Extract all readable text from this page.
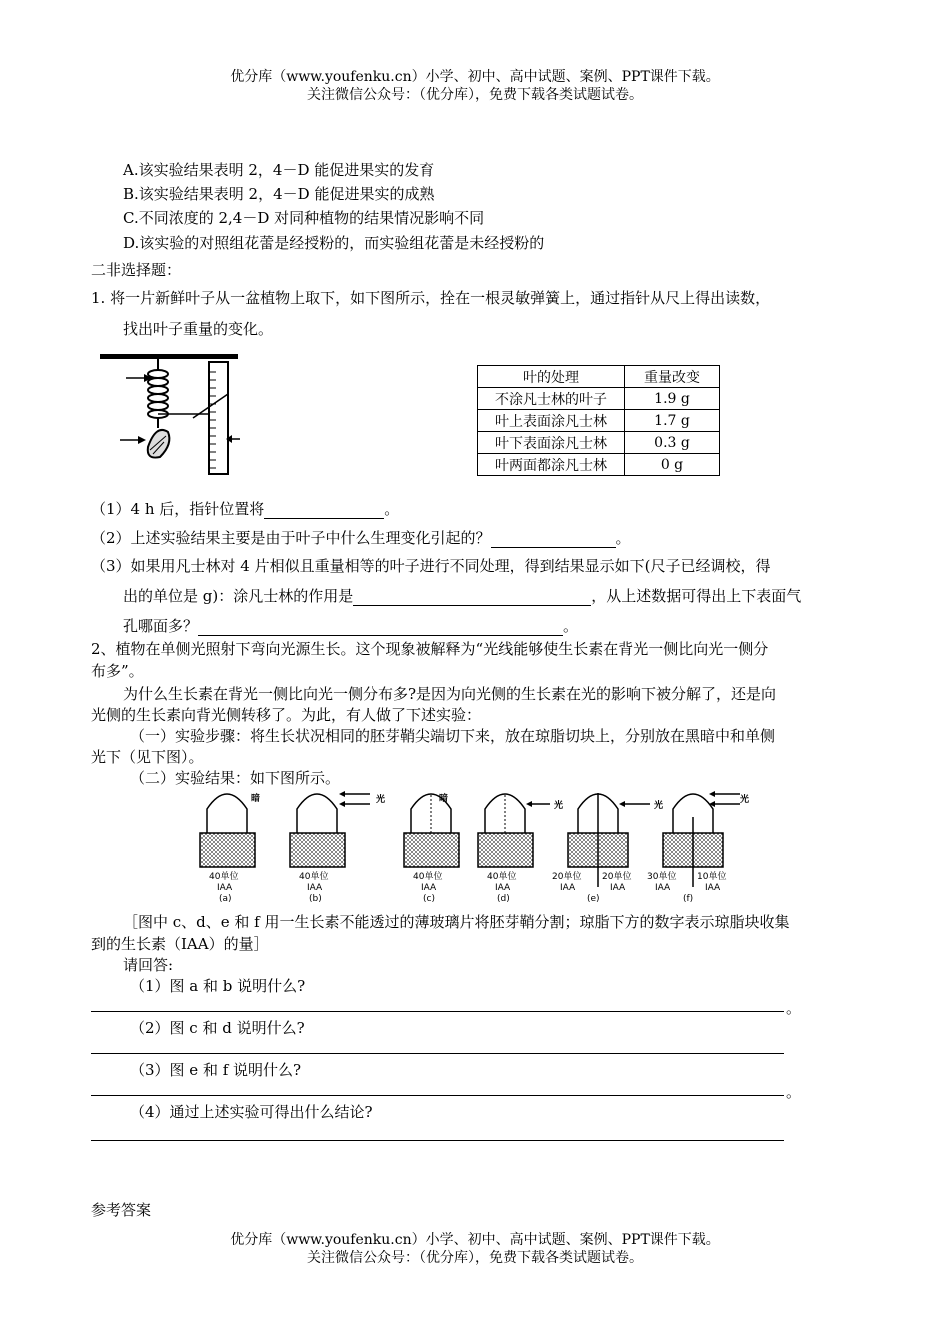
优分库（www.youfenku.cn）小学、初中、高中试题、案例、PPT课件下载。
关注微信公众号：（优分库），免费下载各类试题试卷。
A.该实验结果表明 2，4－D 能促进果实的发育
B.该实验结果表明 2，4－D 能促进果实的成熟
C.不同浓度的 2,4－D 对同种植物的结果情况影响不同
D.该实验的对照组花蕾是经授粉的，而实验组花蕾是未经授粉的
二非选择题：
1. 将一片新鲜叶子从一盆植物上取下，如下图所示，拴在一根灵敏弹簧上，通过指针从尺上得出读数，
找出叶子重量的变化。
叶的处理	重量改变
不涂凡士林的叶子	1.9 g
叶上表面涂凡士林	1.7 g
叶下表面涂凡士林	0.3 g
叶两面都涂凡士林	0 g
（1）4 h 后，指针位置将	。
（2）上述实验结果主要是由于叶子中什么生理变化引起的？	。
（3）如果用凡士林对 4 片相似且重量相等的叶子进行不同处理，得到结果显示如下(尺子已经调校，得
出的单位是 g)：涂凡士林的作用是	，从上述数据可得出上下表面气
孔哪面多？	。
2、植物在单侧光照射下弯向光源生长。这个现象被解释为“光线能够使生长素在背光一侧比向光一侧分
布多”。
为什么生长素在背光一侧比向光一侧分布多?是因为向光侧的生长素在光的影响下被分解了，还是向
光侧的生长素向背光侧转移了。为此，有人做了下述实验：
（一）实验步骤：将生长状况相同的胚芽鞘尖端切下来，放在琼脂切块上，分别放在黑暗中和单侧
光下（见下图）。
（二）实验结果：如下图所示。
暗
40单位
IAA
(a)
光
40单位
IAA
(b)
暗
40单位
IAA
(c)
光
40单位
IAA
(d)
光
20单位 20单位
IAA	IAA
(e)
光
30单位 10单位
IAA	IAA
(f)
［图中 c、d、e 和 f 用一生长素不能透过的薄玻璃片将胚芽鞘分割；琼脂下方的数字表示琼脂块收集
到的生长素（IAA）的量］
请回答:
（1）图 a 和 b 说明什么?
。
（2）图 c 和 d 说明什么?
（3）图 e 和 f 说明什么?
。
（4）通过上述实验可得出什么结论?
参考答案
优分库（www.youfenku.cn）小学、初中、高中试题、案例、PPT课件下载。
关注微信公众号：（优分库），免费下载各类试题试卷。
